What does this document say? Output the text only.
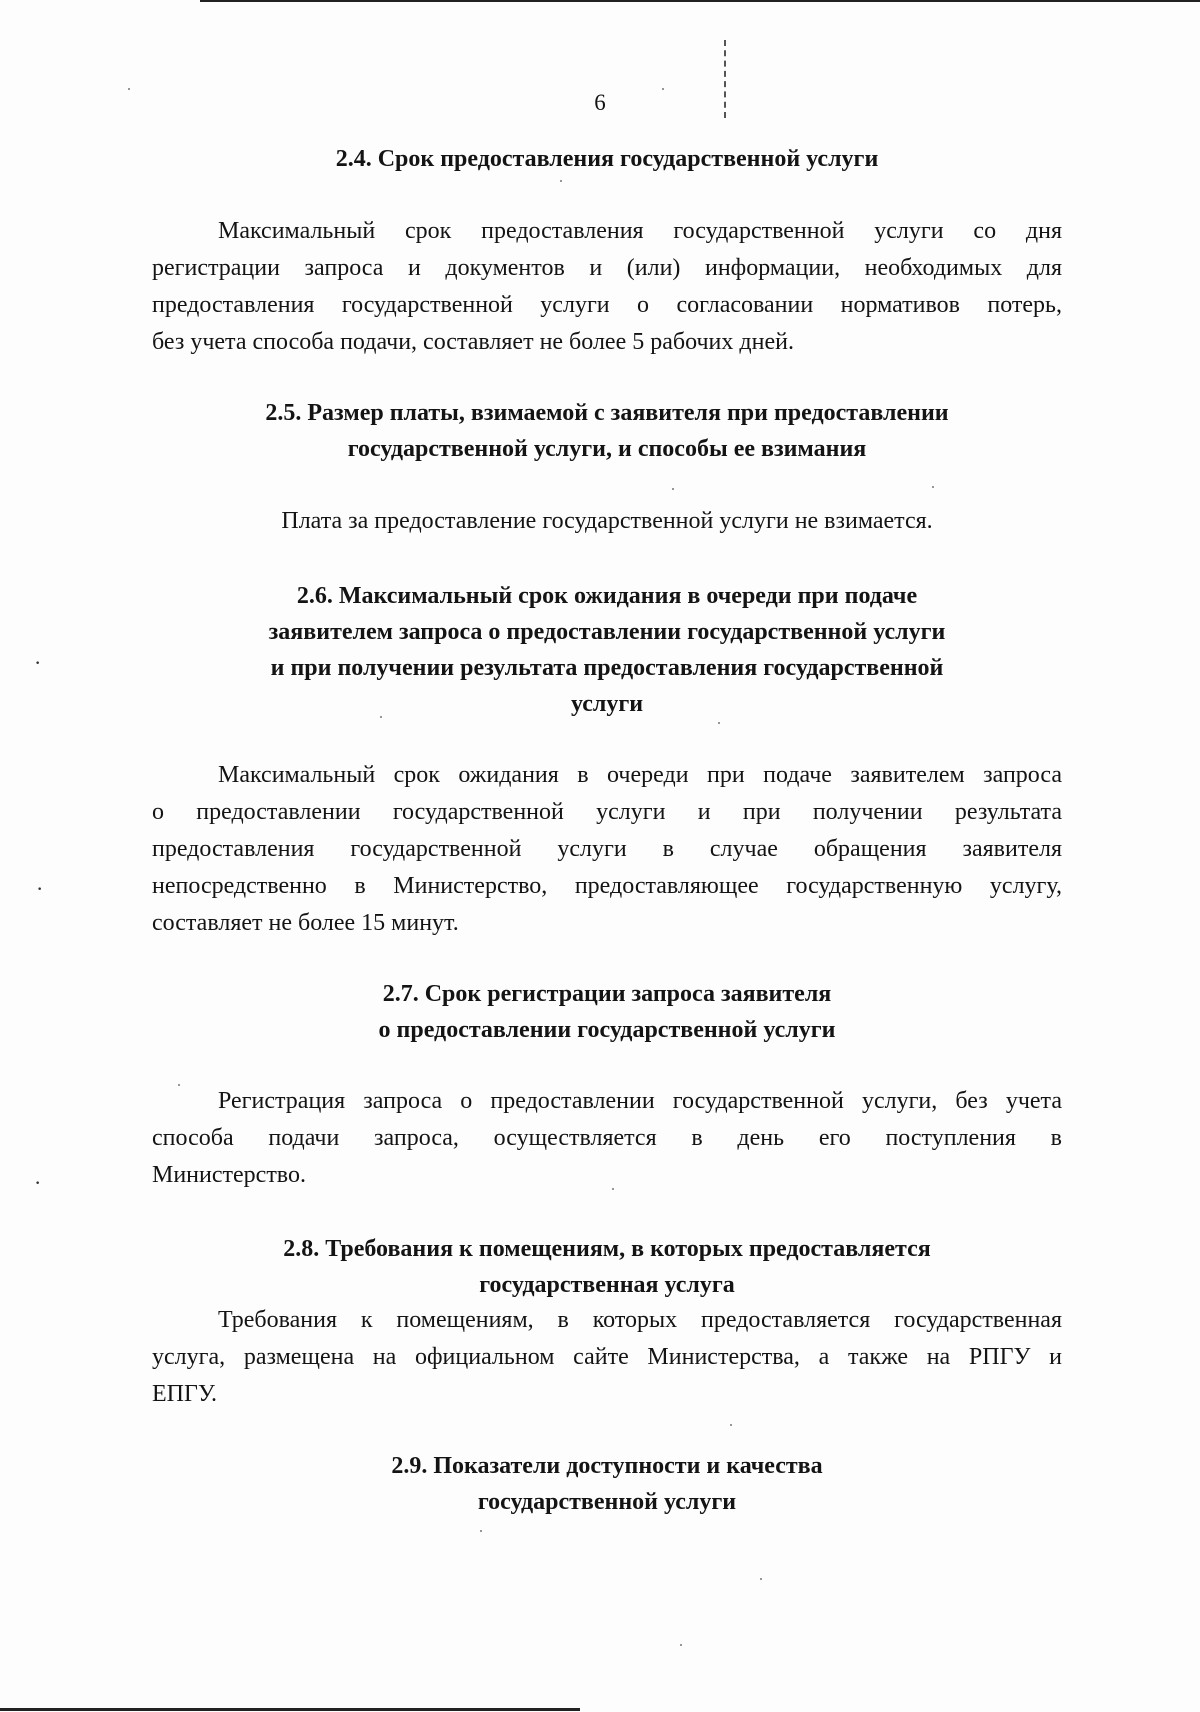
·
·
·
6
2.4. Срок предоставления государственной услуги
Максимальный срок предоставления государственной услуги со дня
регистрации запроса и документов и (или) информации, необходимых для
предоставления государственной услуги о согласовании нормативов потерь,
без учета способа подачи, составляет не более 5 рабочих дней.
2.5. Размер платы, взимаемой с заявителя при предоставлении
государственной услуги, и способы ее взимания
Плата за предоставление государственной услуги не взимается.
2.6. Максимальный срок ожидания в очереди при подаче
заявителем запроса о предоставлении государственной услуги
и при получении результата предоставления государственной
услуги
Максимальный срок ожидания в очереди при подаче заявителем запроса
о предоставлении государственной услуги и при получении результата
предоставления государственной услуги в случае обращения заявителя
непосредственно в Министерство, предоставляющее государственную услугу,
составляет не более 15 минут.
2.7. Срок регистрации запроса заявителя
о предоставлении государственной услуги
Регистрация запроса о предоставлении государственной услуги, без учета
способа подачи запроса, осуществляется в день его поступления в
Министерство.
2.8. Требования к помещениям, в которых предоставляется
государственная услуга
Требования к помещениям, в которых предоставляется государственная
услуга, размещена на официальном сайте Министерства, а также на РПГУ и
ЕПГУ.
2.9. Показатели доступности и качества
государственной услуги
